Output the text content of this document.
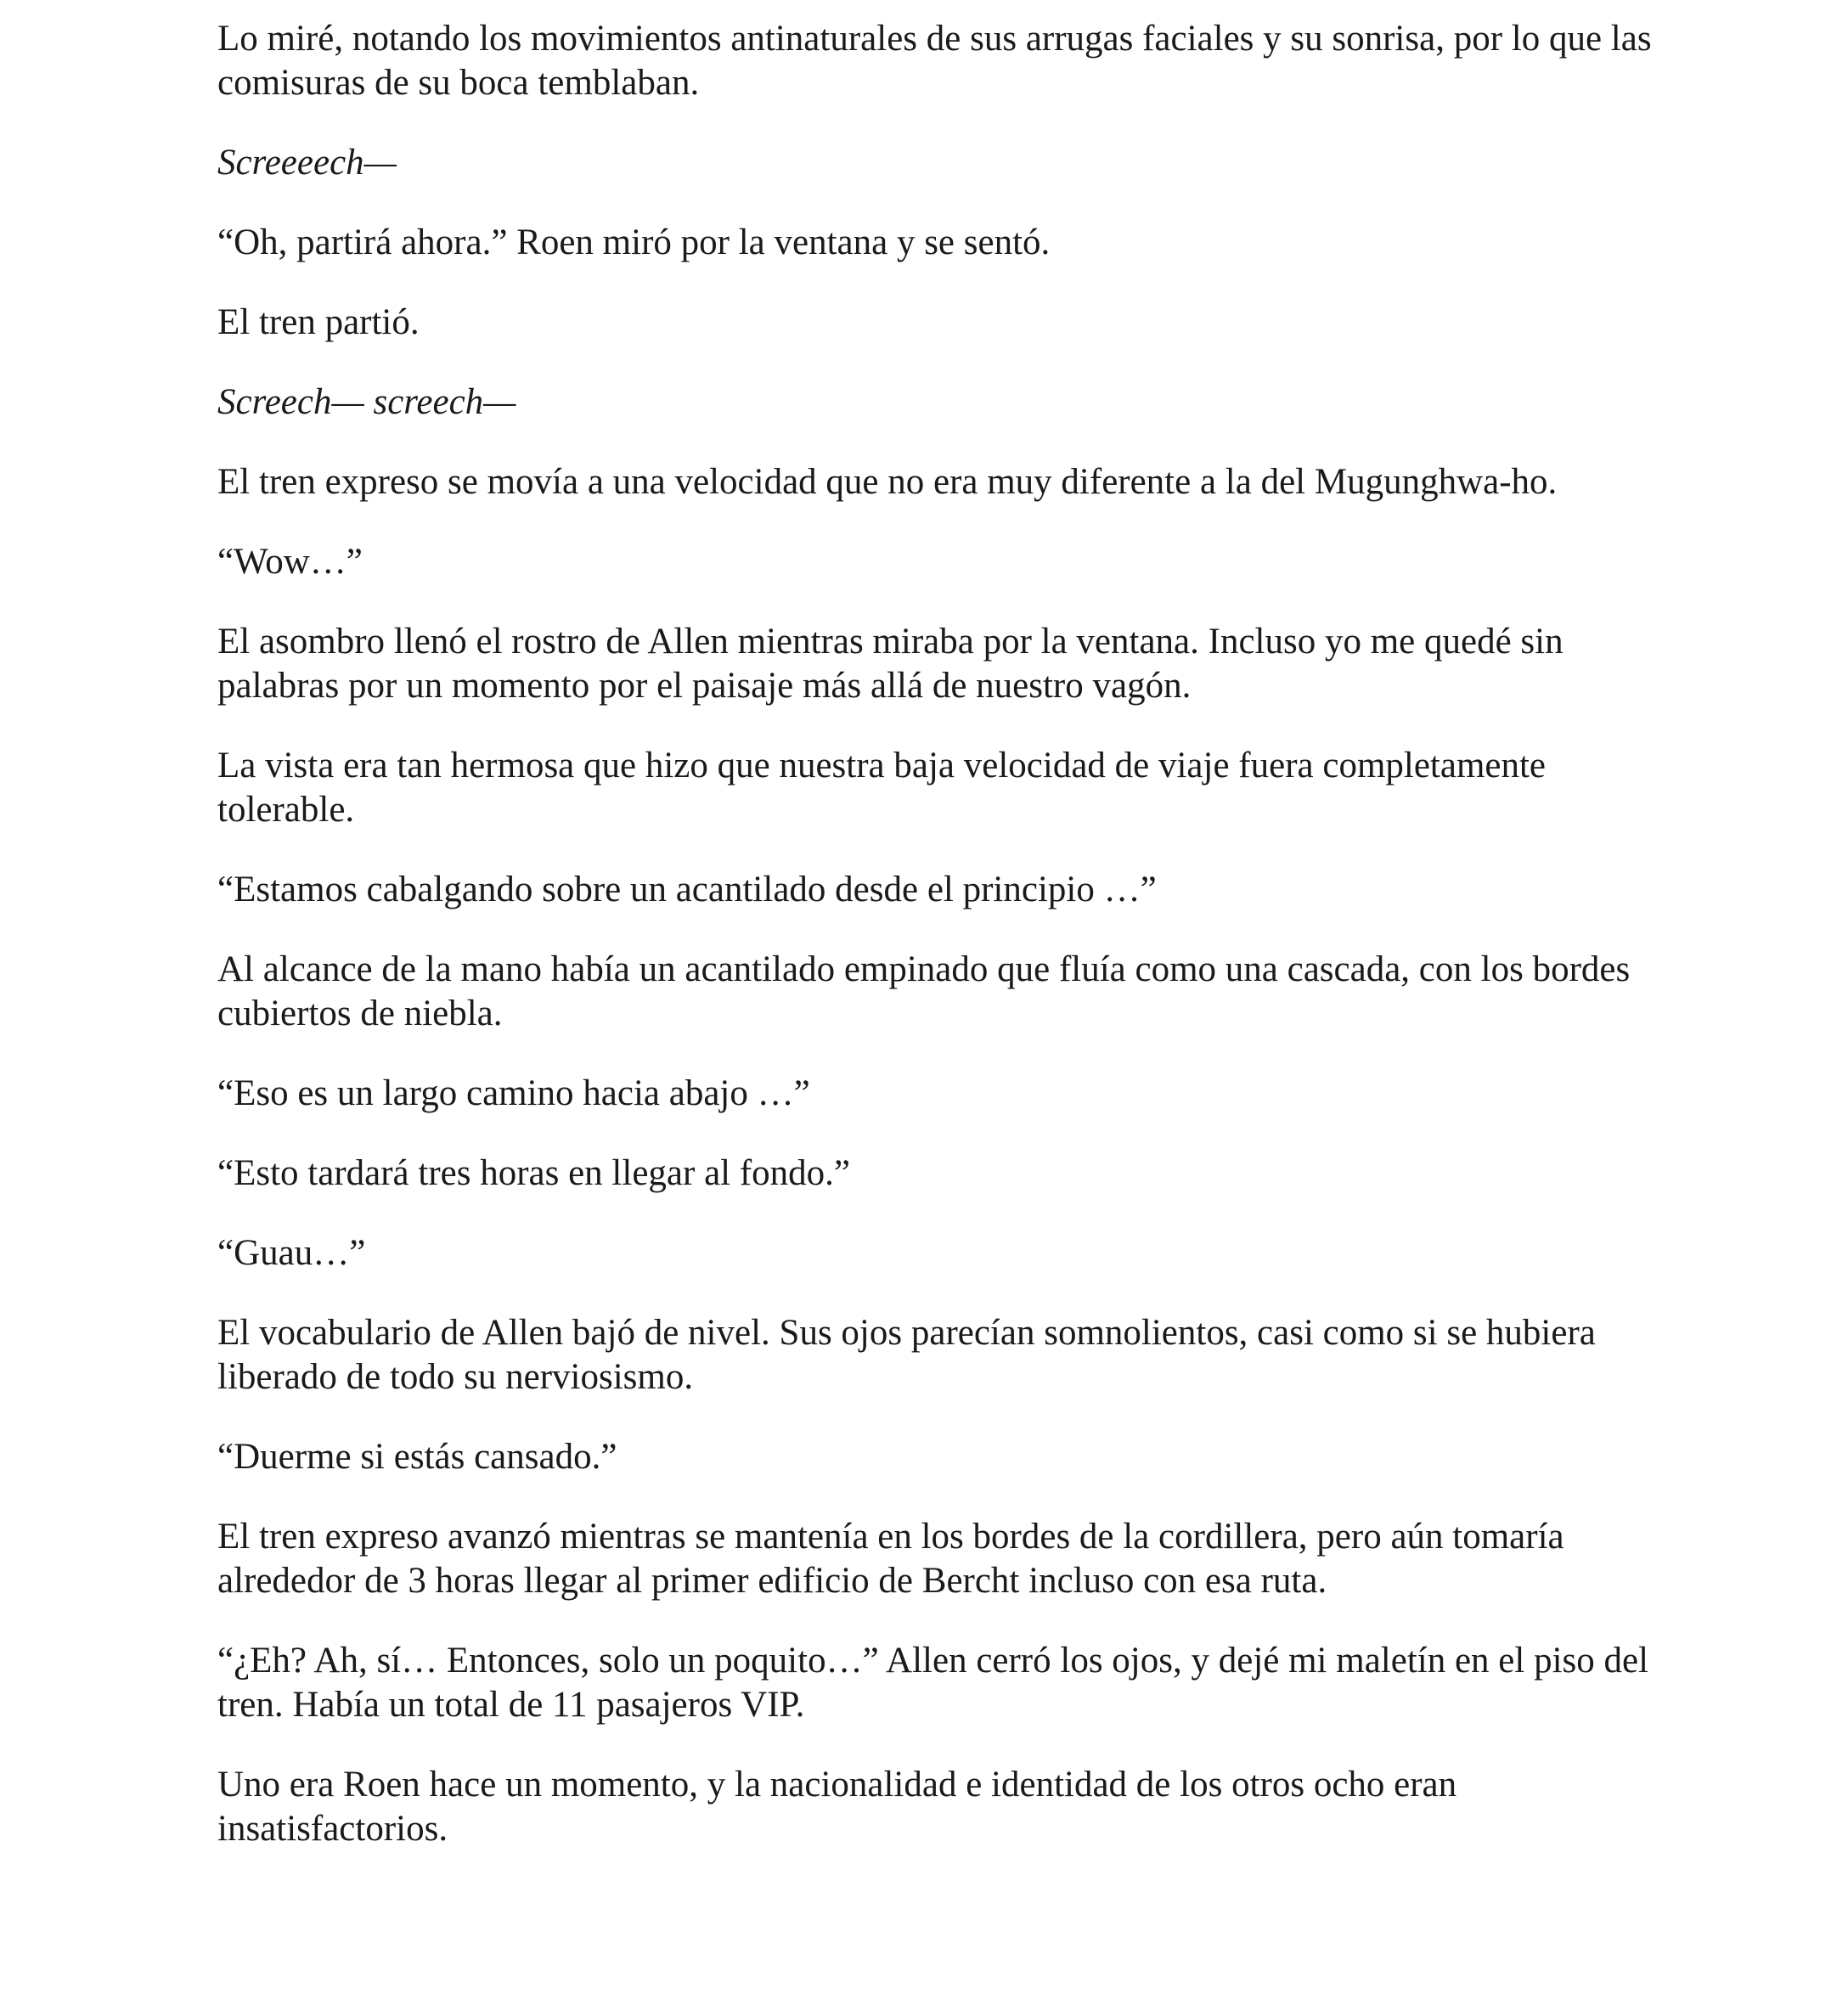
Lo miré, notando los movimientos antinaturales de sus arrugas faciales y su sonrisa, por lo que las comisuras de su boca temblaban.

Screeeech—

“Oh, partirá ahora.” Roen miró por la ventana y se sentó.

El tren partió.

Screech— screech—

El tren expreso se movía a una velocidad que no era muy diferente a la del Mugunghwa-ho.

“Wow…”

El asombro llenó el rostro de Allen mientras miraba por la ventana. Incluso yo me quedé sin palabras por un momento por el paisaje más allá de nuestro vagón.

La vista era tan hermosa que hizo que nuestra baja velocidad de viaje fuera completamente tolerable.

“Estamos cabalgando sobre un acantilado desde el principio …”

Al alcance de la mano había un acantilado empinado que fluía como una cascada, con los bordes cubiertos de niebla.

“Eso es un largo camino hacia abajo …”

“Esto tardará tres horas en llegar al fondo.”

“Guau…”

El vocabulario de Allen bajó de nivel. Sus ojos parecían somnolientos, casi como si se hubiera liberado de todo su nerviosismo.

“Duerme si estás cansado.”

El tren expreso avanzó mientras se mantenía en los bordes de la cordillera, pero aún tomaría alrededor de 3 horas llegar al primer edificio de Bercht incluso con esa ruta.

“¿Eh? Ah, sí… Entonces, solo un poquito…” Allen cerró los ojos, y dejé mi maletín en el piso del tren. Había un total de 11 pasajeros VIP.

Uno era Roen hace un momento, y la nacionalidad e identidad de los otros ocho eran insatisfactorios.
